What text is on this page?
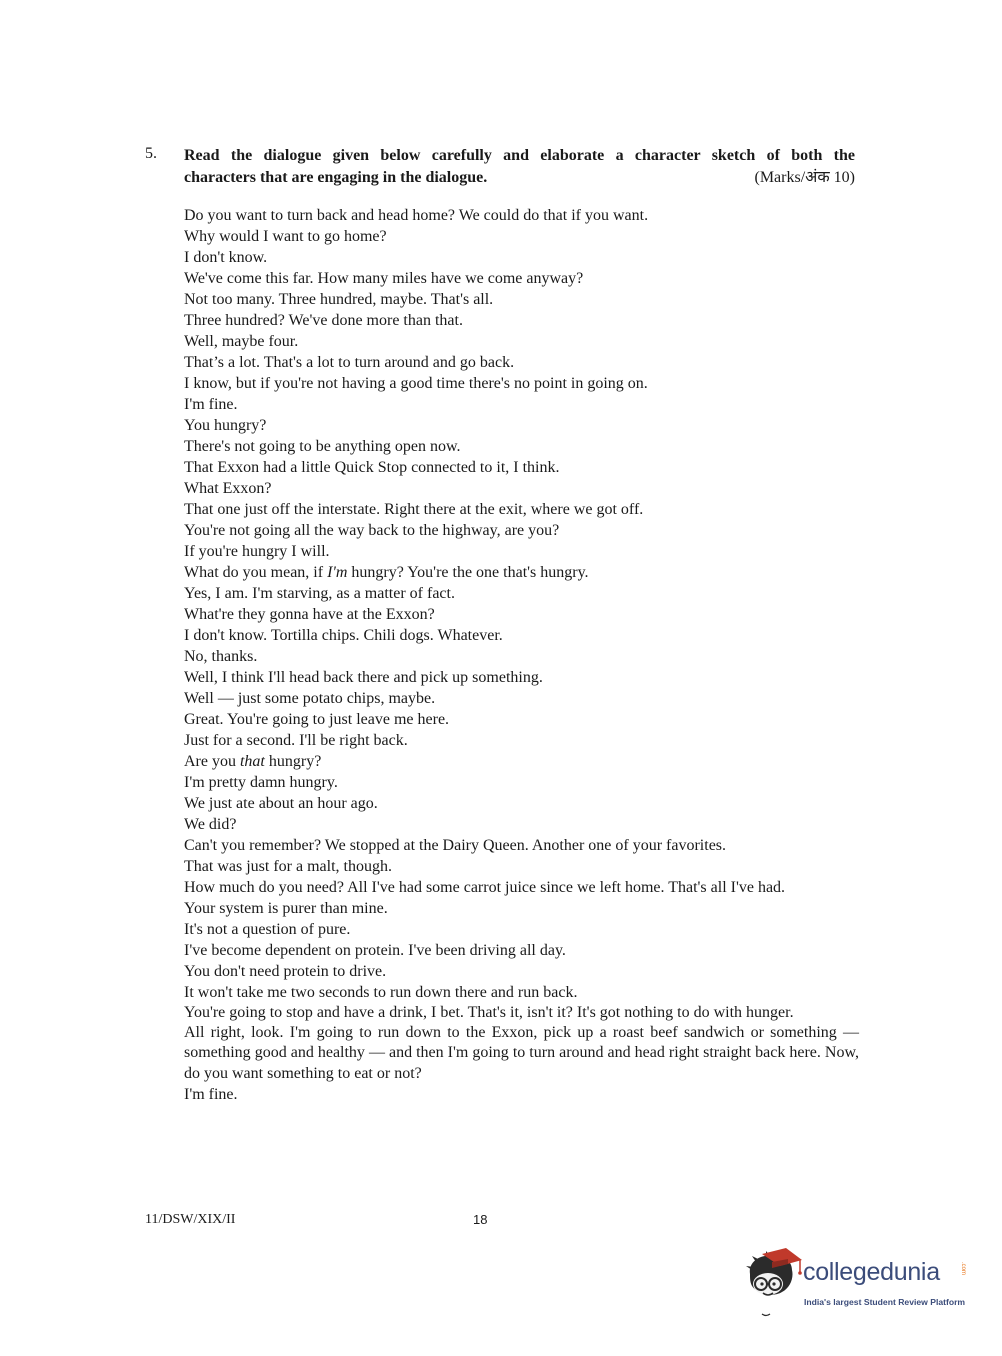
5. Read the dialogue given below carefully and elaborate a character sketch of both the
characters that are engaging in the dialogue.	(Marks/अंक 10)
Do you want to turn back and head home? We could do that if you want.
Why would I want to go home?
I don't know.
We've come this far. How many miles have we come anyway?
Not too many. Three hundred, maybe. That's all.
Three hundred? We've done more than that.
Well, maybe four.
That’s a lot. That's a lot to turn around and go back.
I know, but if you're not having a good time there's no point in going on.
I'm fine.
You hungry?
There's not going to be anything open now.
That Exxon had a little Quick Stop connected to it, I think.
What Exxon?
That one just off the interstate. Right there at the exit, where we got off.
You're not going all the way back to the highway, are you?
If you're hungry I will.
What do you mean, if I'm hungry? You're the one that's hungry.
Yes, I am. I'm starving, as a matter of fact.
What're they gonna have at the Exxon?
I don't know. Tortilla chips. Chili dogs. Whatever.
No, thanks.
Well, I think I'll head back there and pick up something.
Well — just some potato chips, maybe.
Great. You're going to just leave me here.
Just for a second. I'll be right back.
Are you that hungry?
I'm pretty damn hungry.
We just ate about an hour ago.
We did?
Can't you remember? We stopped at the Dairy Queen. Another one of your favorites.
That was just for a malt, though.
How much do you need? All I've had some carrot juice since we left home. That's all I've had.
Your system is purer than mine.
It's not a question of pure.
I've become dependent on protein. I've been driving all day.
You don't need protein to drive.
It won't take me two seconds to run down there and run back.
You're going to stop and have a drink, I bet. That's it, isn't it? It's got nothing to do with hunger.
All right, look. I'm going to run down to the Exxon, pick up a roast beef sandwich or something — something good and healthy — and then I'm going to turn around and head right straight back here. Now, do you want something to eat or not?
I'm fine.
11/DSW/XIX/II	18
collegedunia	.com
India's largest Student Review Platform
